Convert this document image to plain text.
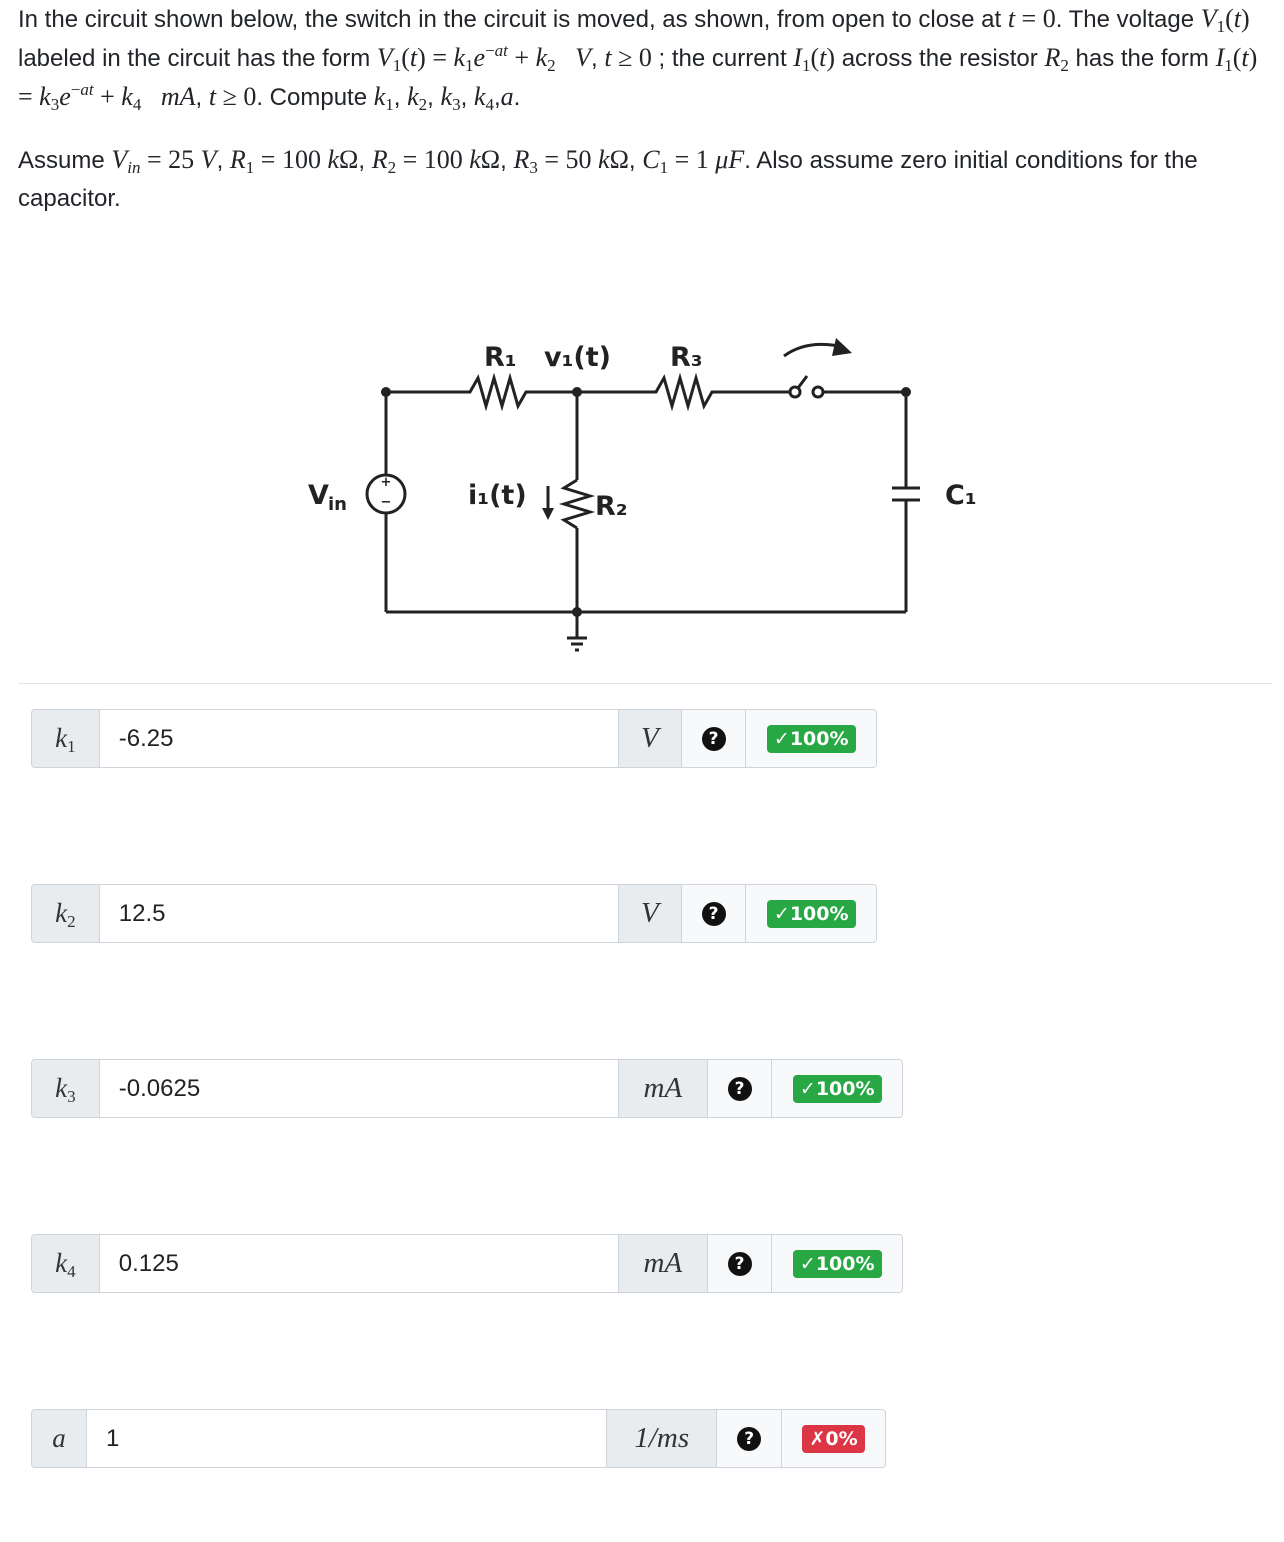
In the circuit shown below, the switch in the circuit is moved, as shown, from open to close at t = 0. The voltage $V_1(t)$ labeled in the circuit has the form $V_1(t) = k_1e^{-at} + k_2$   V, t ≥ 0 ; the current $I_1(t)$ across the resistor $R_2$ has the form $I_1(t) = k_3e^{-at} + k_4$   mA, t ≥ 0. Compute $k_1$, $k_2$, $k_3$, $k_4,a$.

Assume $V_{in} = 25$ V, $R_1 = 100$ kΩ, $R_2 = 100$ kΩ, $R_3 = 50$ kΩ, $C_1 = 1$ μF. Also assume zero initial conditions for the capacitor.

+
−
R₁ v₁(t) R₃
V in	i₁(t)	R₂	C₁
$k_1$	-6.25	V	?	✓100%
$k_2$	12.5	V	?	✓100%
$k_3$	-0.0625	mA	?	✓100%
$k_4$	0.125	mA	?	✓100%
a	1	1/ms	?	✗0%
